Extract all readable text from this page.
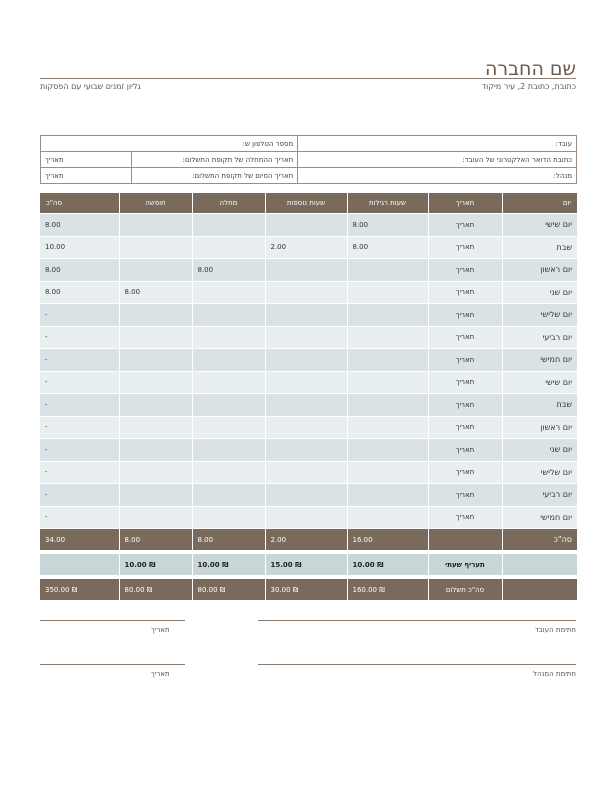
שם החברה
כתובת, כתובת 2, עיר מיקוד
גליון זמנים שבועי עם הפסקות
עובד:	מספר הטלפון ש:	
כתובת הדואר האלקטרוני של העובד:	תאריך ההתחלה של תקופת התשלום:	תאריך
מנהל:	תאריך הסיום של תקופת התשלום:	תאריך
יום	תאריך	שעות רגילות	שעות נוספות	מחלה	חופשה	סה"כ
יום שישי	תאריך	8.00				8.00
שבת	תאריך	8.00	2.00			10.00
יום ראשון	תאריך			8.00		8.00
יום שני	תאריך				8.00	8.00
יום שלישי	תאריך					-
יום רביעי	תאריך					-
יום חמישי	תאריך					-
יום שישי	תאריך					-
שבת	תאריך					-
יום ראשון	תאריך					-
יום שני	תאריך					-
יום שלישי	תאריך					-
יום רביעי	תאריך					-
יום חמישי	תאריך					-
סה"כ		16.00	2.00	8.00	8.00	34.00

	תעריף שעתי	₪ 10.00	₪ 15.00	₪ 10.00	₪ 10.00	

	סה"כ תשלום	₪ 160.00	₪ 30.00	₪ 80.00	₪ 80.00	₪ 350.00
חתימת העובד
תאריך
חתימת המנהל
תאריך
